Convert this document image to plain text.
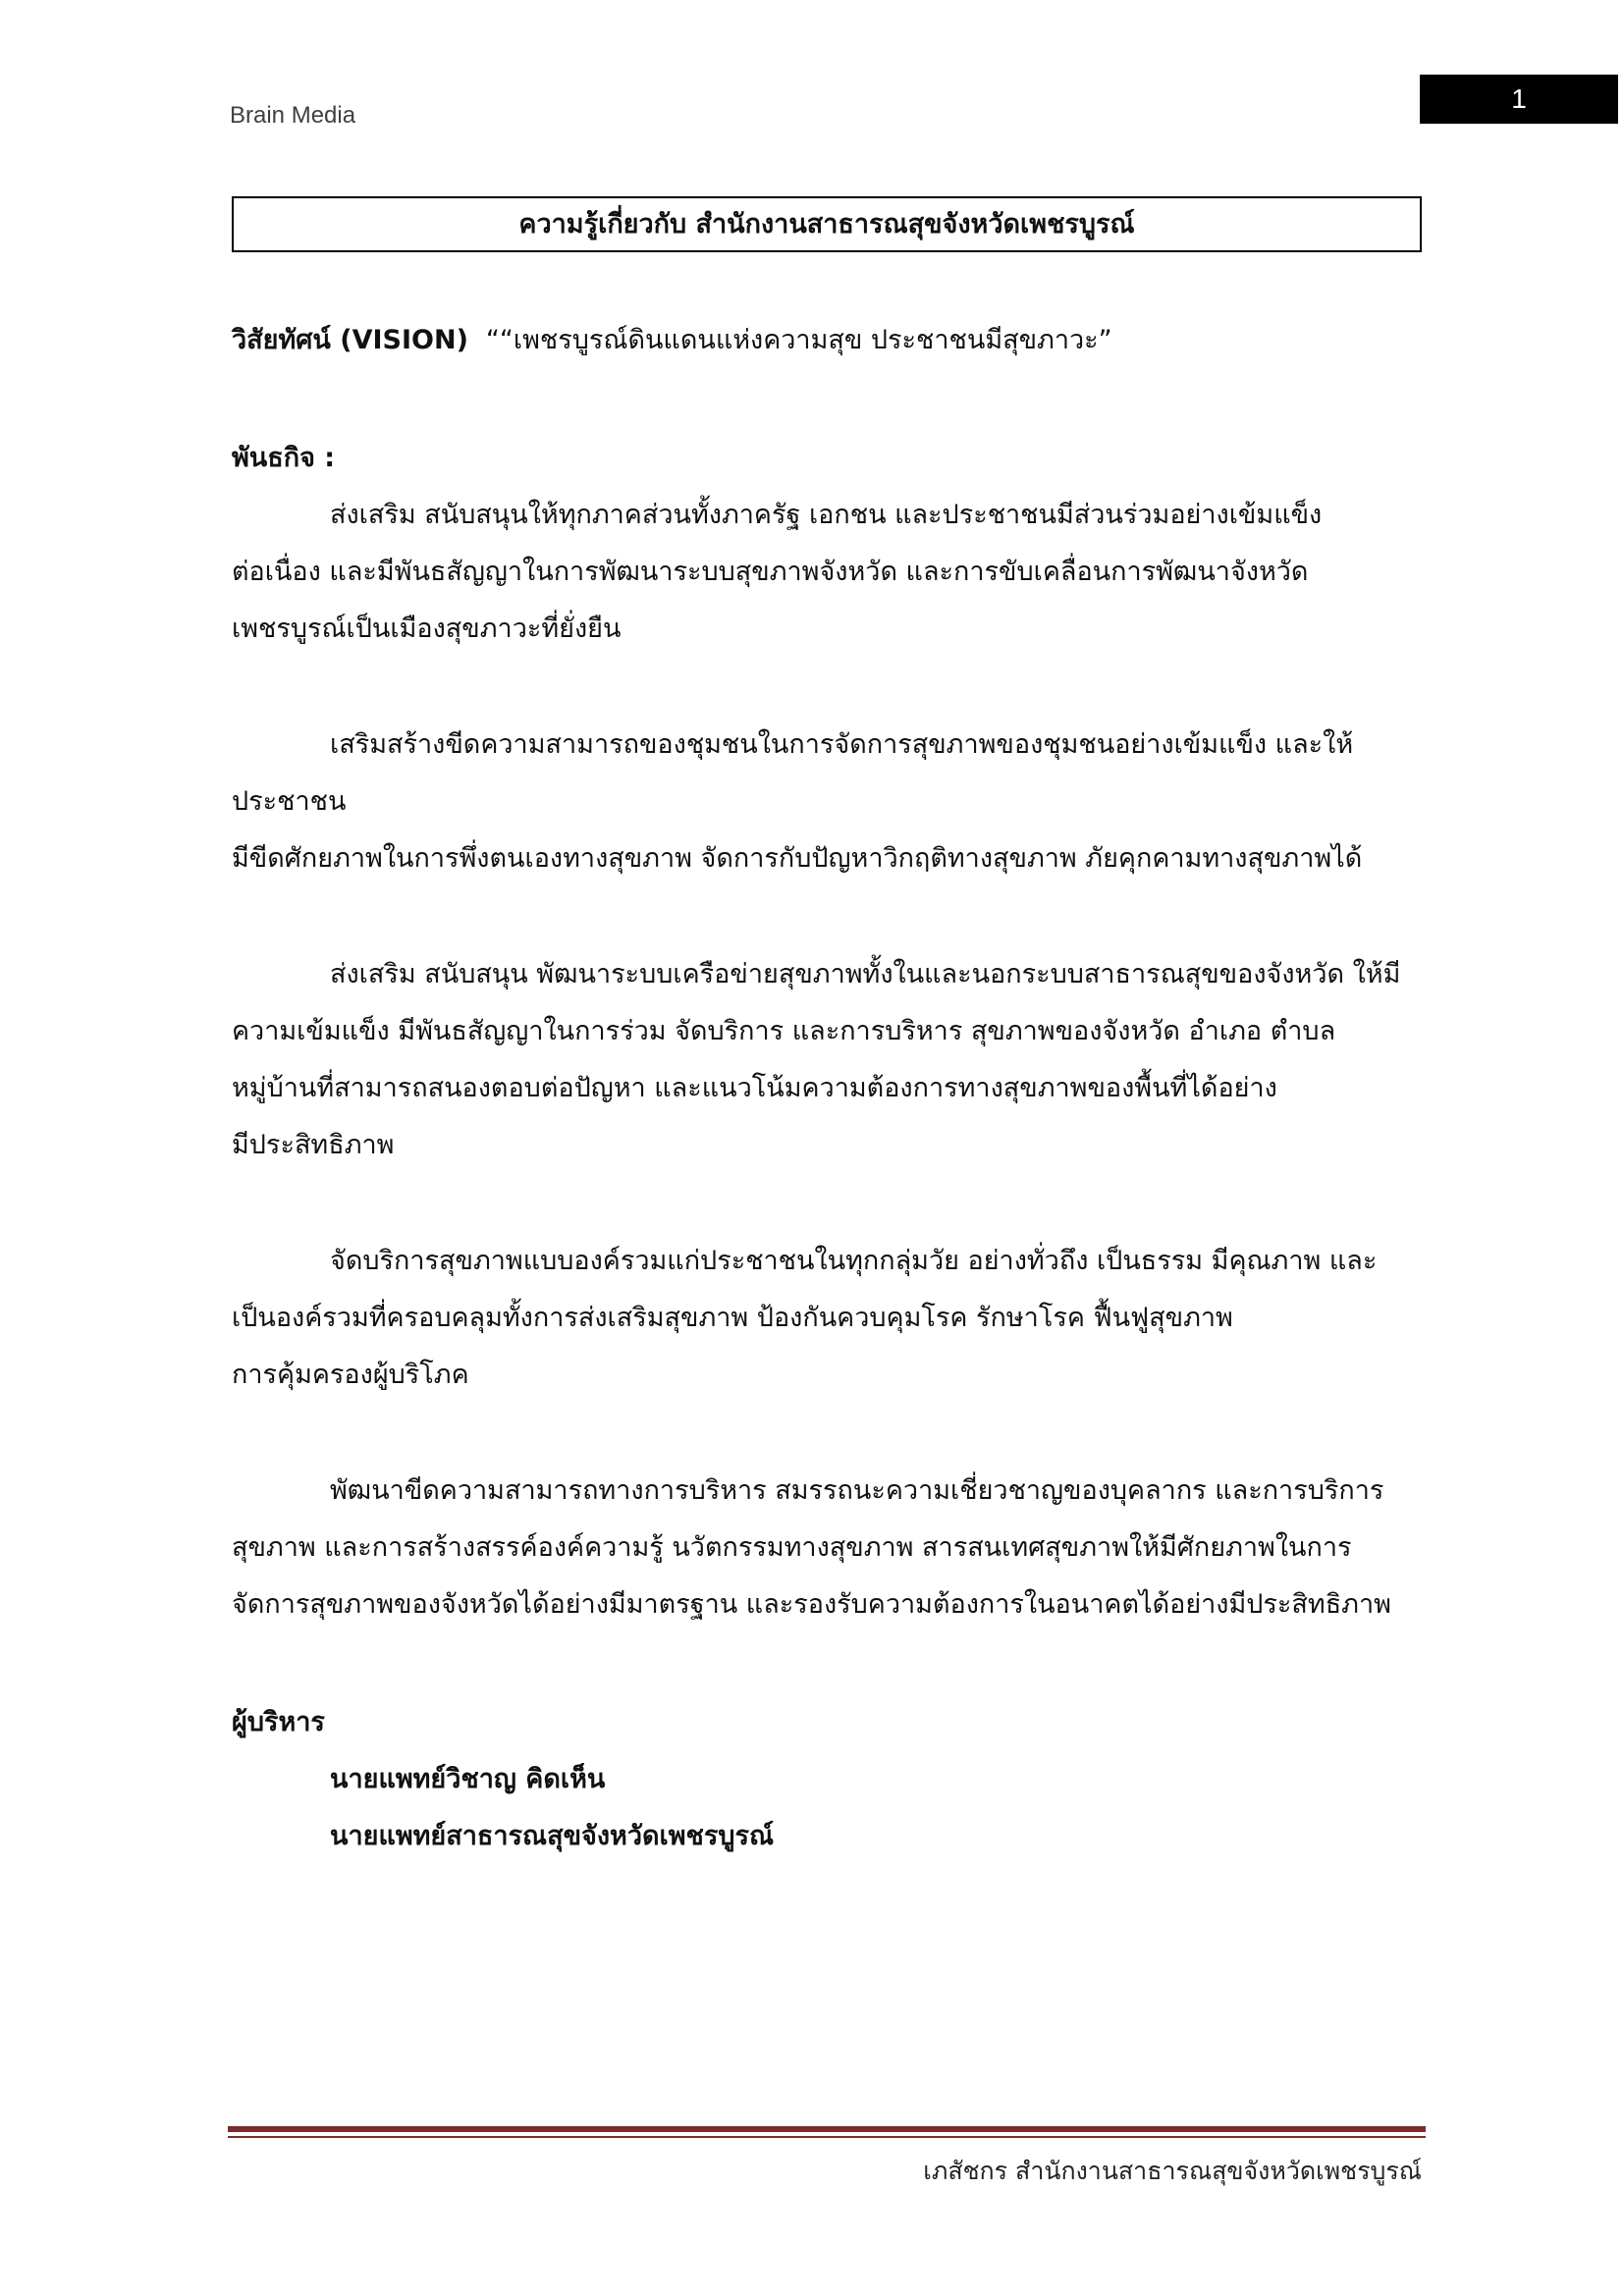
Brain Media
1
ความรู้เกี่ยวกับ สำนักงานสาธารณสุขจังหวัดเพชรบูรณ์

วิสัยทัศน์ (VISION) ““เพชรบูรณ์ดินแดนแห่งความสุข ประชาชนมีสุขภาวะ”

พันธกิจ :

ส่งเสริม สนับสนุนให้ทุกภาคส่วนทั้งภาครัฐ เอกชน และประชาชนมีส่วนร่วมอย่างเข้มแข็ง
ต่อเนื่อง และมีพันธสัญญาในการพัฒนาระบบสุขภาพจังหวัด และการขับเคลื่อนการพัฒนาจังหวัด
เพชรบูรณ์เป็นเมืองสุขภาวะที่ยั่งยืน

เสริมสร้างขีดความสามารถของชุมชนในการจัดการสุขภาพของชุมชนอย่างเข้มแข็ง และให้
ประชาชน
มีขีดศักยภาพในการพึ่งตนเองทางสุขภาพ จัดการกับปัญหาวิกฤติทางสุขภาพ ภัยคุกคามทางสุขภาพได้

ส่งเสริม สนับสนุน พัฒนาระบบเครือข่ายสุขภาพทั้งในและนอกระบบสาธารณสุขของจังหวัด ให้มี
ความเข้มแข็ง มีพันธสัญญาในการร่วม จัดบริการ และการบริหาร สุขภาพของจังหวัด อำเภอ ตำบล
หมู่บ้านที่สามารถสนองตอบต่อปัญหา และแนวโน้มความต้องการทางสุขภาพของพื้นที่ได้อย่าง
มีประสิทธิภาพ

จัดบริการสุขภาพแบบองค์รวมแก่ประชาชนในทุกกลุ่มวัย อย่างทั่วถึง เป็นธรรม มีคุณภาพ และ
เป็นองค์รวมที่ครอบคลุมทั้งการส่งเสริมสุขภาพ ป้องกันควบคุมโรค รักษาโรค ฟื้นฟูสุขภาพ
การคุ้มครองผู้บริโภค

พัฒนาขีดความสามารถทางการบริหาร สมรรถนะความเชี่ยวชาญของบุคลากร และการบริการ
สุขภาพ และการสร้างสรรค์องค์ความรู้ นวัตกรรมทางสุขภาพ สารสนเทศสุขภาพให้มีศักยภาพในการ
จัดการสุขภาพของจังหวัดได้อย่างมีมาตรฐาน และรองรับความต้องการในอนาคตได้อย่างมีประสิทธิภาพ

ผู้บริหาร

นายแพทย์วิชาญ คิดเห็น

นายแพทย์สาธารณสุขจังหวัดเพชรบูรณ์

เภสัชกร สำนักงานสาธารณสุขจังหวัดเพชรบูรณ์
